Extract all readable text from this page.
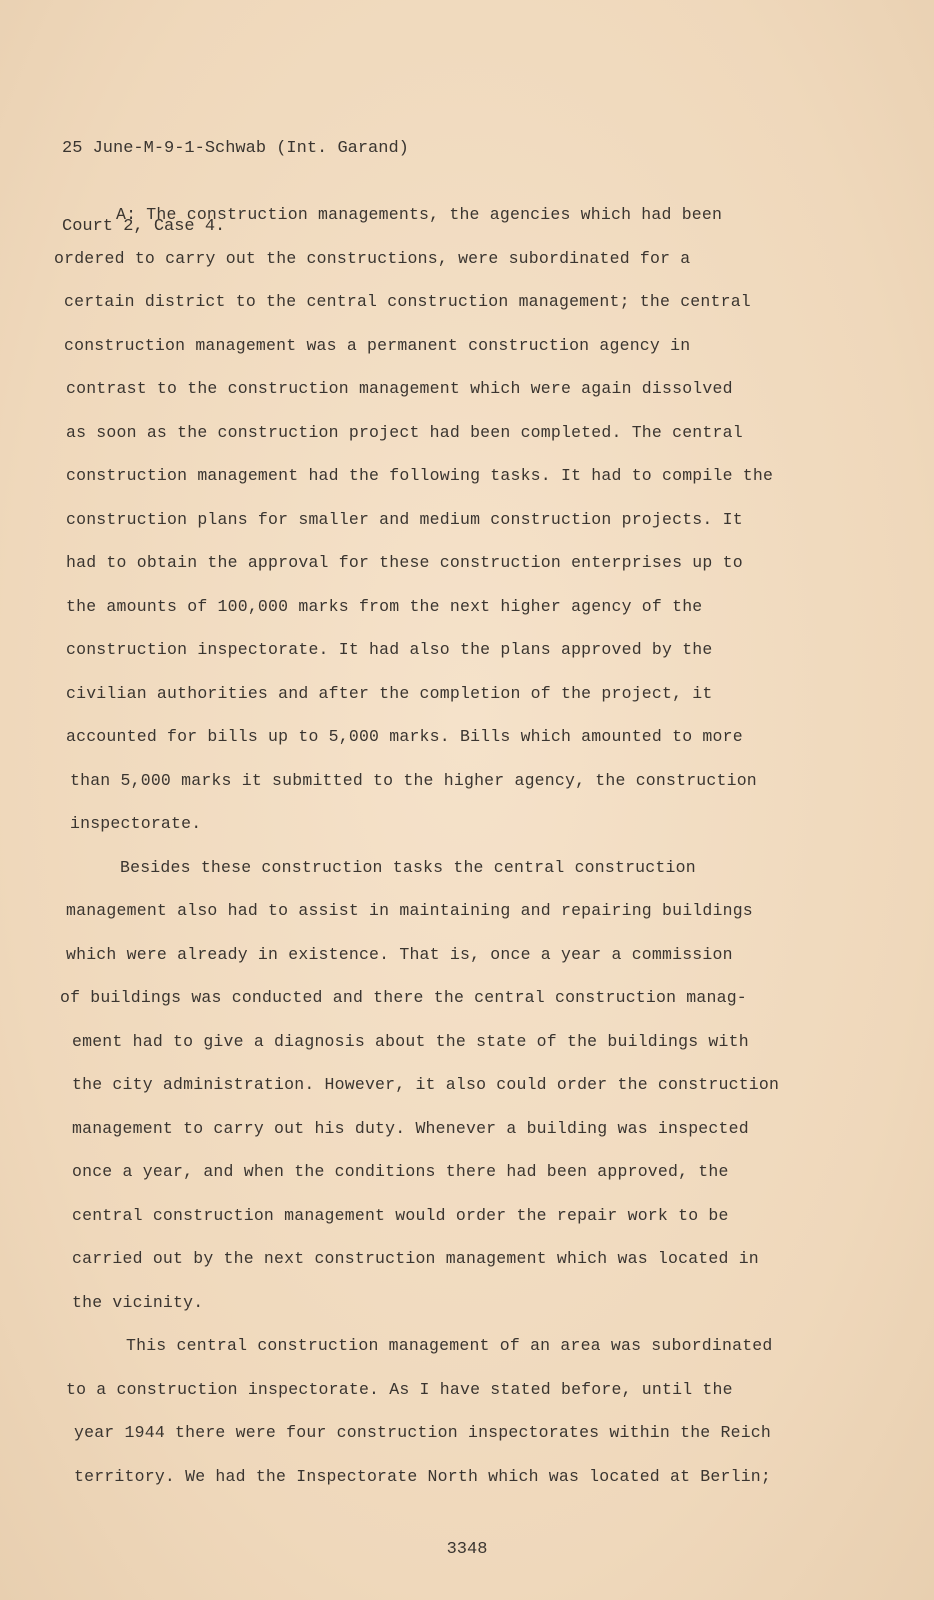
25 June-M-9-1-Schwab (Int. Garand)

Court 2, Case 4.

A: The construction managements, the agencies which had been
ordered to carry out the constructions, were subordinated for a
certain district to the central construction management; the central
construction management was a permanent construction agency in
contrast to the construction management which were again dissolved
as soon as the construction project had been completed. The central
construction management had the following tasks. It had to compile the
construction plans for smaller and medium construction projects. It
had to obtain the approval for these construction enterprises up to
the amounts of 100,000 marks from the next higher agency of the
construction inspectorate. It had also the plans approved by the
civilian authorities and after the completion of the project, it
accounted for bills up to 5,000 marks. Bills which amounted to more
than 5,000 marks it submitted to the higher agency, the construction
inspectorate.
Besides these construction tasks the central construction
management also had to assist in maintaining and repairing buildings
which were already in existence. That is, once a year a commission
of buildings was conducted and there the central construction manag-
ement had to give a diagnosis about the state of the buildings with
the city administration. However, it also could order the construction
management to carry out his duty. Whenever a building was inspected
once a year, and when the conditions there had been approved, the
central construction management would order the repair work to be
carried out by the next construction management which was located in
the vicinity.
This central construction management of an area was subordinated
to a construction inspectorate. As I have stated before, until the
year 1944 there were four construction inspectorates within the Reich
territory. We had the Inspectorate North which was located at Berlin;
3348
